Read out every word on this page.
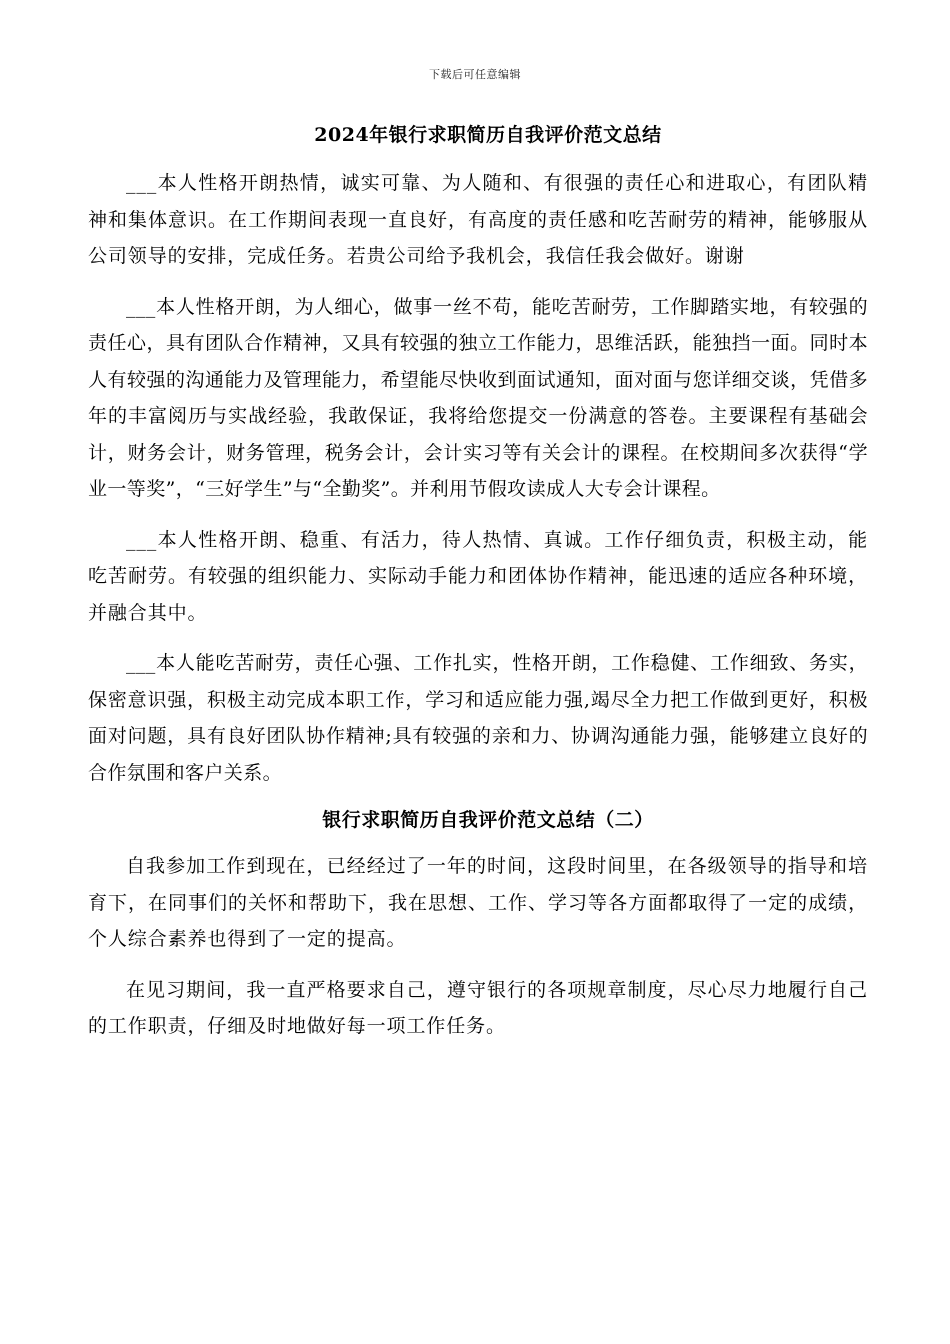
下载后可任意编辑
2024年银行求职简历自我评价范文总结

___本人性格开朗热情，诚实可靠、为人随和、有很强的责任心和进取心，有团队精神和集体意识。在工作期间表现一直良好，有高度的责任感和吃苦耐劳的精神，能够服从公司领导的安排，完成任务。若贵公司给予我机会，我信任我会做好。谢谢

___本人性格开朗，为人细心，做事一丝不苟，能吃苦耐劳，工作脚踏实地，有较强的责任心，具有团队合作精神，又具有较强的独立工作能力，思维活跃，能独挡一面。同时本人有较强的沟通能力及管理能力，希望能尽快收到面试通知，面对面与您详细交谈，凭借多年的丰富阅历与实战经验，我敢保证，我将给您提交一份满意的答卷。主要课程有基础会计，财务会计，财务管理，税务会计，会计实习等有关会计的课程。在校期间多次获得“学业一等奖”，“三好学生”与“全勤奖”。并利用节假攻读成人大专会计课程。

___本人性格开朗、稳重、有活力，待人热情、真诚。工作仔细负责，积极主动，能吃苦耐劳。有较强的组织能力、实际动手能力和团体协作精神，能迅速的适应各种环境，并融合其中。

___本人能吃苦耐劳，责任心强、工作扎实，性格开朗，工作稳健、工作细致、务实，保密意识强，积极主动完成本职工作，学习和适应能力强,竭尽全力把工作做到更好，积极面对问题，具有良好团队协作精神;具有较强的亲和力、协调沟通能力强，能够建立良好的合作氛围和客户关系。

银行求职简历自我评价范文总结（二）

自我参加工作到现在，已经经过了一年的时间，这段时间里，在各级领导的指导和培育下，在同事们的关怀和帮助下，我在思想、工作、学习等各方面都取得了一定的成绩，个人综合素养也得到了一定的提高。

在见习期间，我一直严格要求自己，遵守银行的各项规章制度，尽心尽力地履行自己的工作职责，仔细及时地做好每一项工作任务。
